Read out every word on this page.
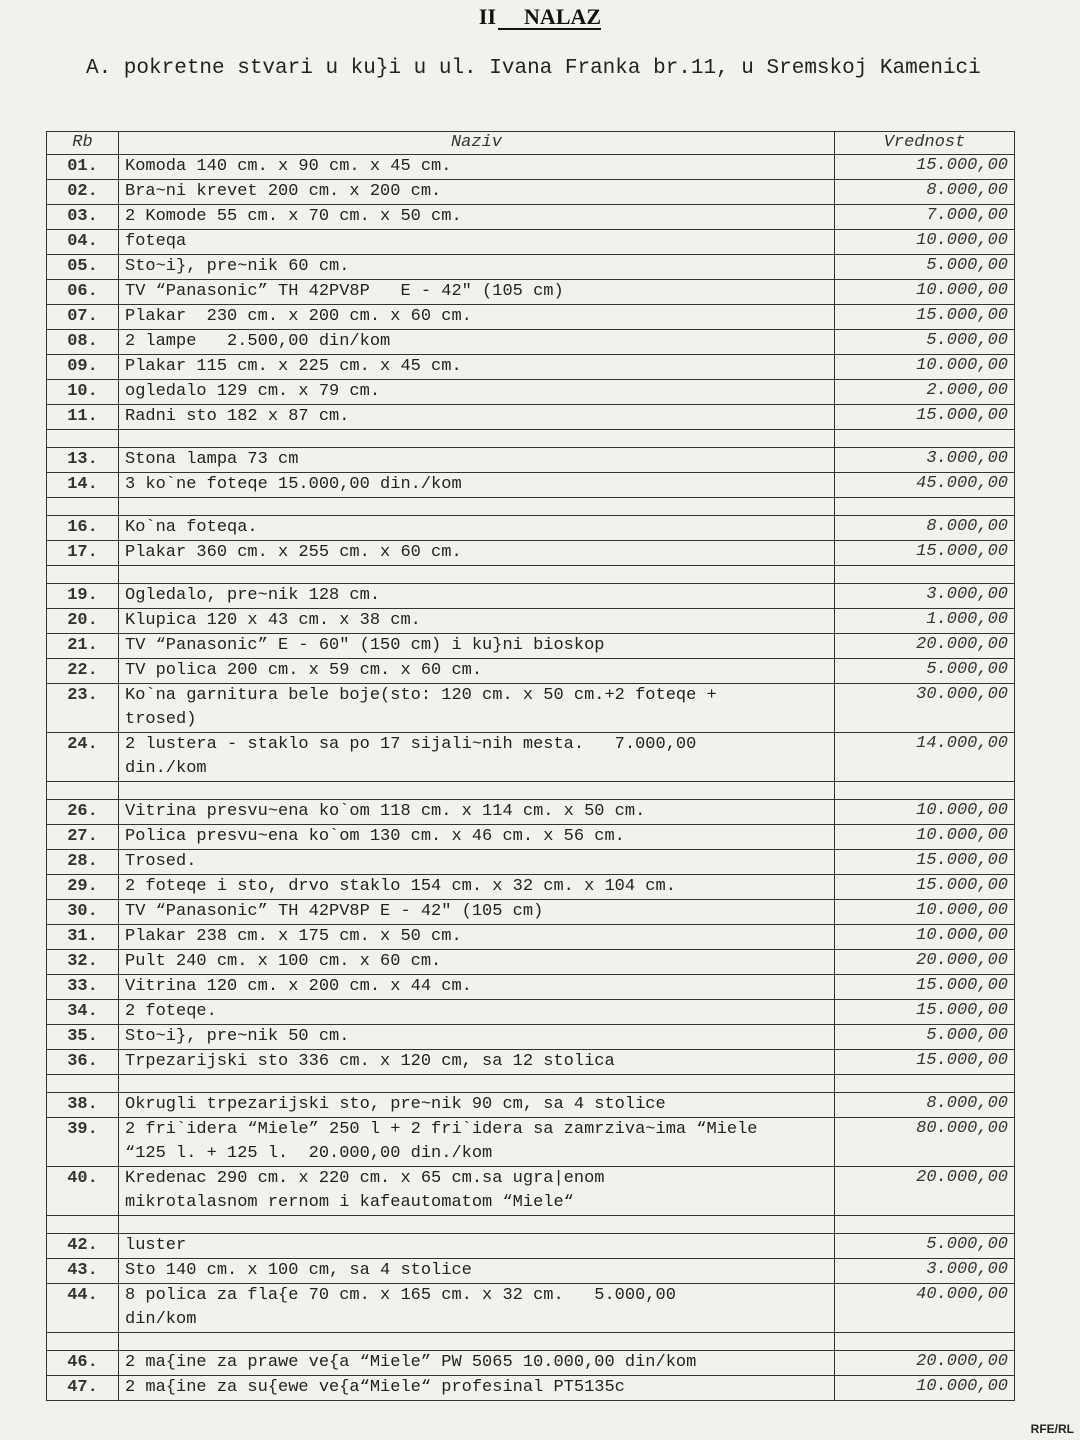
II NALAZ
A. pokretne stvari u ku}i u ul. Ivana Franka br.11, u Sremskoj Kamenici
Rb	Naziv	Vrednost
01.	Komoda 140 cm. x 90 cm. x 45 cm.	15.000,00
02.	Bra~ni krevet 200 cm. x 200 cm.	8.000,00
03.	2 Komode 55 cm. x 70 cm. x 50 cm.	7.000,00
04.	foteqa	10.000,00
05.	Sto~i}, pre~nik 60 cm.	5.000,00
06.	TV “Panasonic” TH 42PV8P   E - 42" (105 cm)	10.000,00
07.	Plakar  230 cm. x 200 cm. x 60 cm.	15.000,00
08.	2 lampe   2.500,00 din/kom	5.000,00
09.	Plakar 115 cm. x 225 cm. x 45 cm.	10.000,00
10.	ogledalo 129 cm. x 79 cm.	2.000,00
11.	Radni sto 182 x 87 cm.	15.000,00

13.	Stona lampa 73 cm	3.000,00
14.	3 ko`ne foteqe 15.000,00 din./kom	45.000,00

16.	Ko`na foteqa.	8.000,00
17.	Plakar 360 cm. x 255 cm. x 60 cm.	15.000,00

19.	Ogledalo, pre~nik 128 cm.	3.000,00
20.	Klupica 120 x 43 cm. x 38 cm.	1.000,00
21.	TV “Panasonic” E - 60" (150 cm) i ku}ni bioskop	20.000,00
22.	TV polica 200 cm. x 59 cm. x 60 cm.	5.000,00
23.	Ko`na garnitura bele boje(sto: 120 cm. x 50 cm.+2 foteqe +
trosed)	30.000,00
24.	2 lustera - staklo sa po 17 sijali~nih mesta.   7.000,00
din./kom	14.000,00

26.	Vitrina presvu~ena ko`om 118 cm. x 114 cm. x 50 cm.	10.000,00
27.	Polica presvu~ena ko`om 130 cm. x 46 cm. x 56 cm.	10.000,00
28.	Trosed.	15.000,00
29.	2 foteqe i sto, drvo staklo 154 cm. x 32 cm. x 104 cm.	15.000,00
30.	TV “Panasonic” TH 42PV8P E - 42" (105 cm)	10.000,00
31.	Plakar 238 cm. x 175 cm. x 50 cm.	10.000,00
32.	Pult 240 cm. x 100 cm. x 60 cm.	20.000,00
33.	Vitrina 120 cm. x 200 cm. x 44 cm.	15.000,00
34.	2 foteqe.	15.000,00
35.	Sto~i}, pre~nik 50 cm.	5.000,00
36.	Trpezarijski sto 336 cm. x 120 cm, sa 12 stolica	15.000,00

38.	Okrugli trpezarijski sto, pre~nik 90 cm, sa 4 stolice	8.000,00
39.	2 fri`idera “Miele” 250 l + 2 fri`idera sa zamrziva~ima “Miele
“125 l. + 125 l.  20.000,00 din./kom	80.000,00
40.	Kredenac 290 cm. x 220 cm. x 65 cm.sa ugra|enom
mikrotalasnom rernom i kafeautomatom “Miele“	20.000,00

42.	luster	5.000,00
43.	Sto 140 cm. x 100 cm, sa 4 stolice	3.000,00
44.	8 polica za fla{e 70 cm. x 165 cm. x 32 cm.   5.000,00
din/kom	40.000,00

46.	2 ma{ine za prawe ve{a “Miele” PW 5065 10.000,00 din/kom	20.000,00
47.	2 ma{ine za su{ewe ve{a“Miele“ profesinal PT5135c	10.000,00
RFE/RL
